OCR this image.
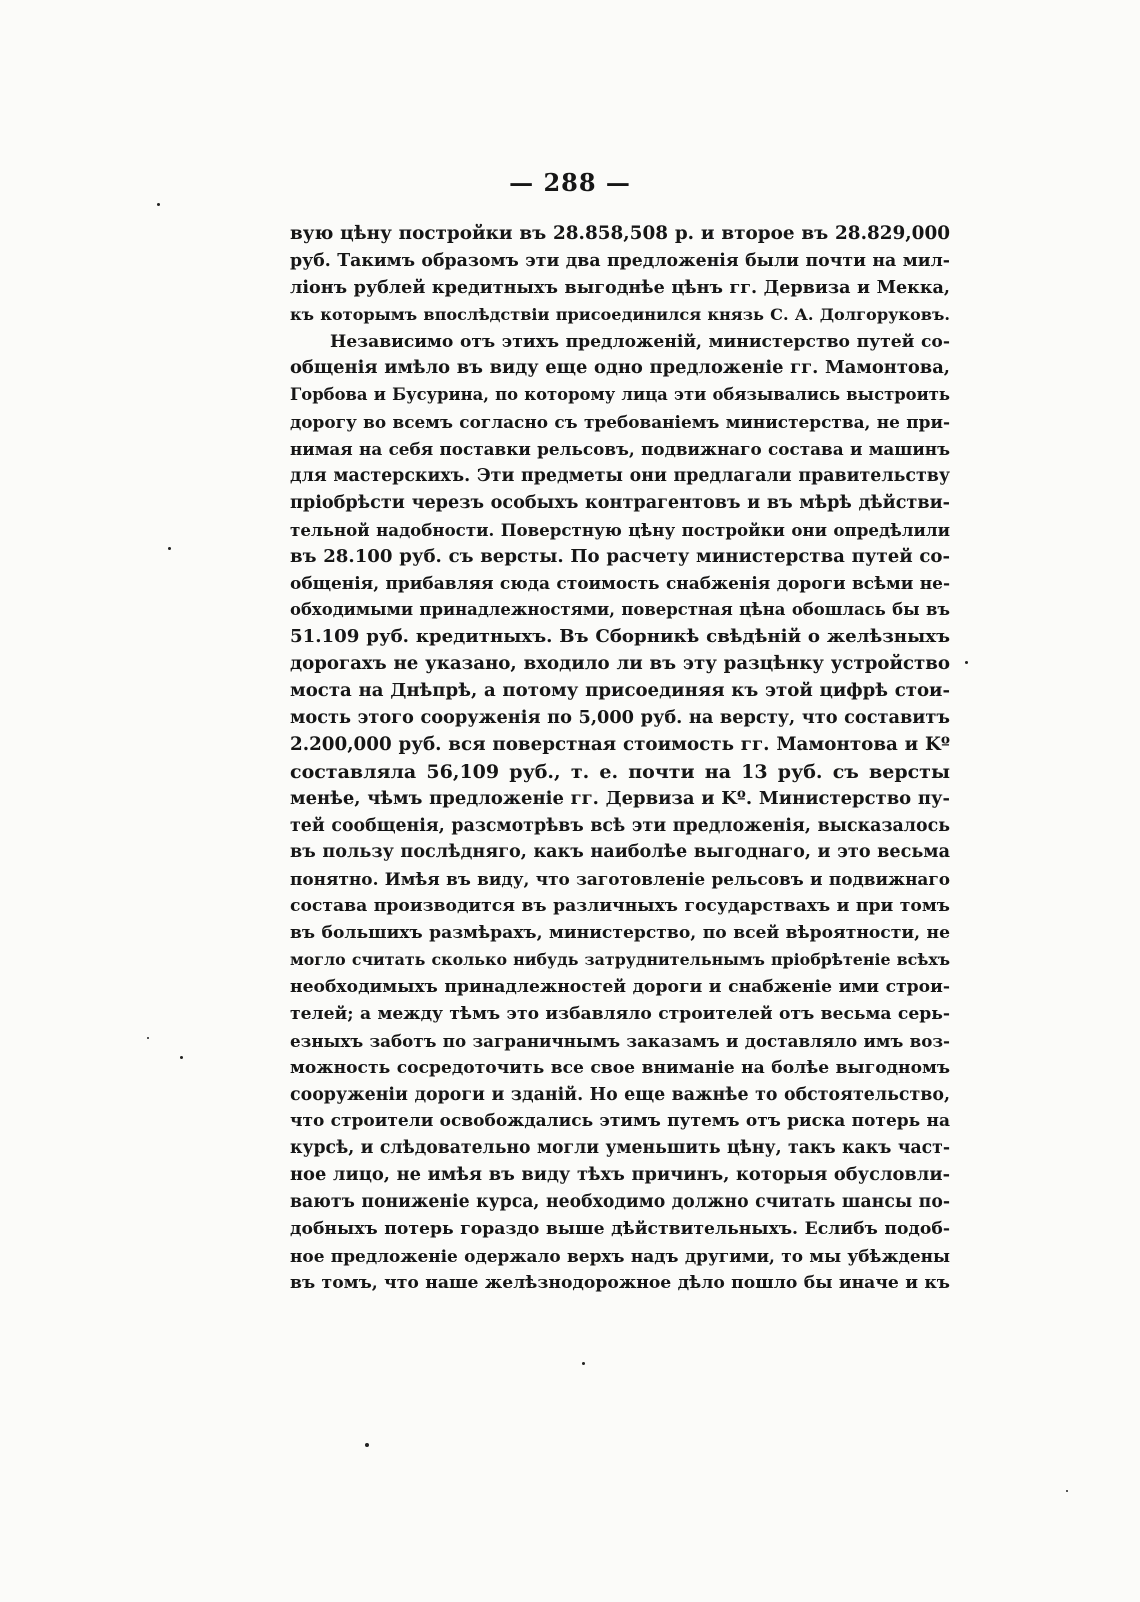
— 288 —
вую цѣну постройки въ 28.858,508 р. и второе въ 28.829,000
руб. Такимъ образомъ эти два предложенія были почти на мил-
ліонъ рублей кредитныхъ выгоднѣе цѣнъ гг. Дервиза и Мекка,
къ которымъ впослѣдствіи присоединился князь С. А. Долгоруковъ.
Независимо отъ этихъ предложеній, министерство путей со-
общенія имѣло въ виду еще одно предложеніе гг. Мамонтова,
Горбова и Бусурина, по которому лица эти обязывались выстроить
дорогу во всемъ согласно съ требованіемъ министерства, не при-
нимая на себя поставки рельсовъ, подвижнаго состава и машинъ
для мастерскихъ. Эти предметы они предлагали правительству
пріобрѣсти черезъ особыхъ контрагентовъ и въ мѣрѣ дѣйстви-
тельной надобности. Поверстную цѣну постройки они опредѣлили
въ 28.100 руб. съ версты. По расчету министерства путей со-
общенія, прибавляя сюда стоимость снабженія дороги всѣми не-
обходимыми принадлежностями, поверстная цѣна обошлась бы въ
51.109 руб. кредитныхъ. Въ Сборникѣ свѣдѣній о желѣзныхъ
дорогахъ не указано, входило ли въ эту разцѣнку устройство
моста на Днѣпрѣ, а потому присоединяя къ этой цифрѣ стои-
мость этого сооруженія по 5,000 руб. на версту, что составитъ
2.200,000 руб. вся поверстная стоимость гг. Мамонтова и Kº
составляла 56,109 руб., т. е. почти на 13 руб. съ версты
менѣе, чѣмъ предложеніе гг. Дервиза и Kº. Министерство пу-
тей сообщенія, разсмотрѣвъ всѣ эти предложенія, высказалось
въ пользу послѣдняго, какъ наиболѣе выгоднаго, и это весьма
понятно. Имѣя въ виду, что заготовленіе рельсовъ и подвижнаго
состава производится въ различныхъ государствахъ и при томъ
въ большихъ размѣрахъ, министерство, по всей вѣроятности, не
могло считать сколько нибудь затруднительнымъ пріобрѣтеніе всѣхъ
необходимыхъ принадлежностей дороги и снабженіе ими строи-
телей; а между тѣмъ это избавляло строителей отъ весьма серь-
езныхъ заботъ по заграничнымъ заказамъ и доставляло имъ воз-
можность сосредоточить все свое вниманіе на болѣе выгодномъ
сооруженіи дороги и зданій. Но еще важнѣе то обстоятельство,
что строители освобождались этимъ путемъ отъ риска потерь на
курсѣ, и слѣдовательно могли уменьшить цѣну, такъ какъ част-
ное лицо, не имѣя въ виду тѣхъ причинъ, которыя обусловли-
ваютъ пониженіе курса, необходимо должно считать шансы по-
добныхъ потерь гораздо выше дѣйствительныхъ. Еслибъ подоб-
ное предложеніе одержало верхъ надъ другими, то мы убѣждены
въ томъ, что наше желѣзнодорожное дѣло пошло бы иначе и къ
